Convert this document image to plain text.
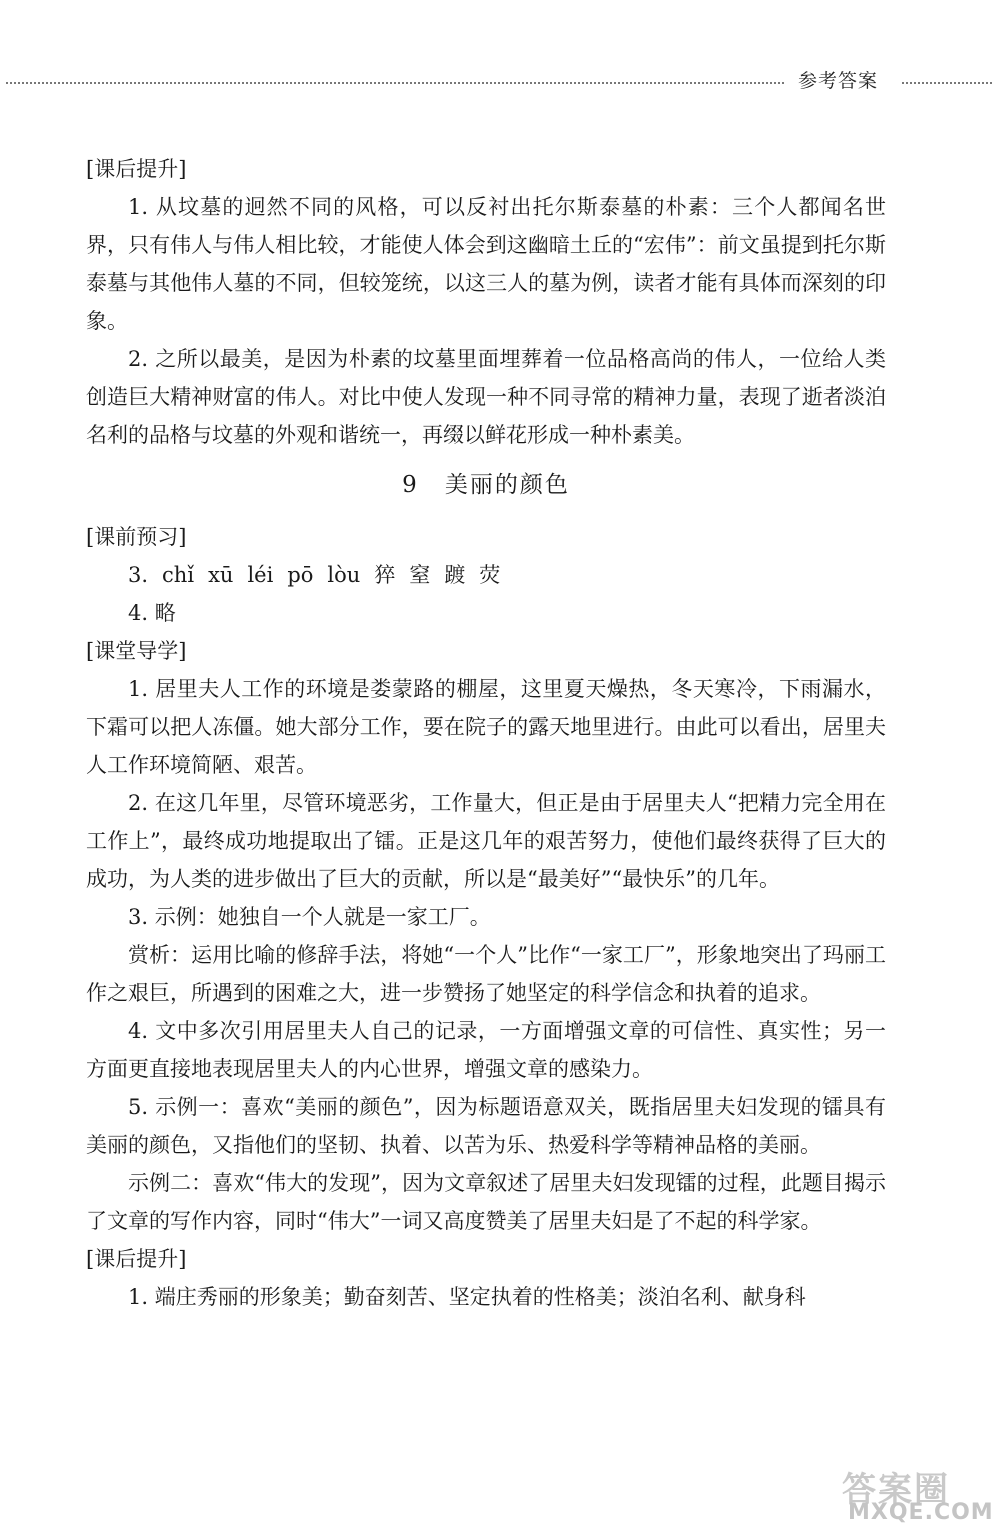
参考答案

[课后提升]

1. 从坟墓的迥然不同的风格，可以反衬出托尔斯泰墓的朴素：三个人都闻名世界，只有伟人与伟人相比较，才能使人体会到这幽暗土丘的“宏伟”：前文虽提到托尔斯泰墓与其他伟人墓的不同，但较笼统，以这三人的墓为例，读者才能有具体而深刻的印象。

2. 之所以最美，是因为朴素的坟墓里面埋葬着一位品格高尚的伟人，一位给人类创造巨大精神财富的伟人。对比中使人发现一种不同寻常的精神力量，表现了逝者淡泊名利的品格与坟墓的外观和谐统一，再缀以鲜花形成一种朴素美。

9 美丽的颜色

[课前预习]

3. chǐ xū léi pō lòu 猝 窒 踱 荧

4. 略

[课堂导学]

1. 居里夫人工作的环境是娄蒙路的棚屋，这里夏天燥热，冬天寒冷，下雨漏水，下霜可以把人冻僵。她大部分工作，要在院子的露天地里进行。由此可以看出，居里夫人工作环境简陋、艰苦。

2. 在这几年里，尽管环境恶劣，工作量大，但正是由于居里夫人“把精力完全用在工作上”，最终成功地提取出了镭。正是这几年的艰苦努力，使他们最终获得了巨大的成功，为人类的进步做出了巨大的贡献，所以是“最美好”“最快乐”的几年。

3. 示例：她独自一个人就是一家工厂。

赏析：运用比喻的修辞手法，将她“一个人”比作“一家工厂”，形象地突出了玛丽工作之艰巨，所遇到的困难之大，进一步赞扬了她坚定的科学信念和执着的追求。

4. 文中多次引用居里夫人自己的记录，一方面增强文章的可信性、真实性；另一方面更直接地表现居里夫人的内心世界，增强文章的感染力。

5. 示例一：喜欢“美丽的颜色”，因为标题语意双关，既指居里夫妇发现的镭具有美丽的颜色，又指他们的坚韧、执着、以苦为乐、热爱科学等精神品格的美丽。

示例二：喜欢“伟大的发现”，因为文章叙述了居里夫妇发现镭的过程，此题目揭示了文章的写作内容，同时“伟大”一词又高度赞美了居里夫妇是了不起的科学家。

[课后提升]

1. 端庄秀丽的形象美；勤奋刻苦、坚定执着的性格美；淡泊名利、献身科

答案圈
MXQE.COM
